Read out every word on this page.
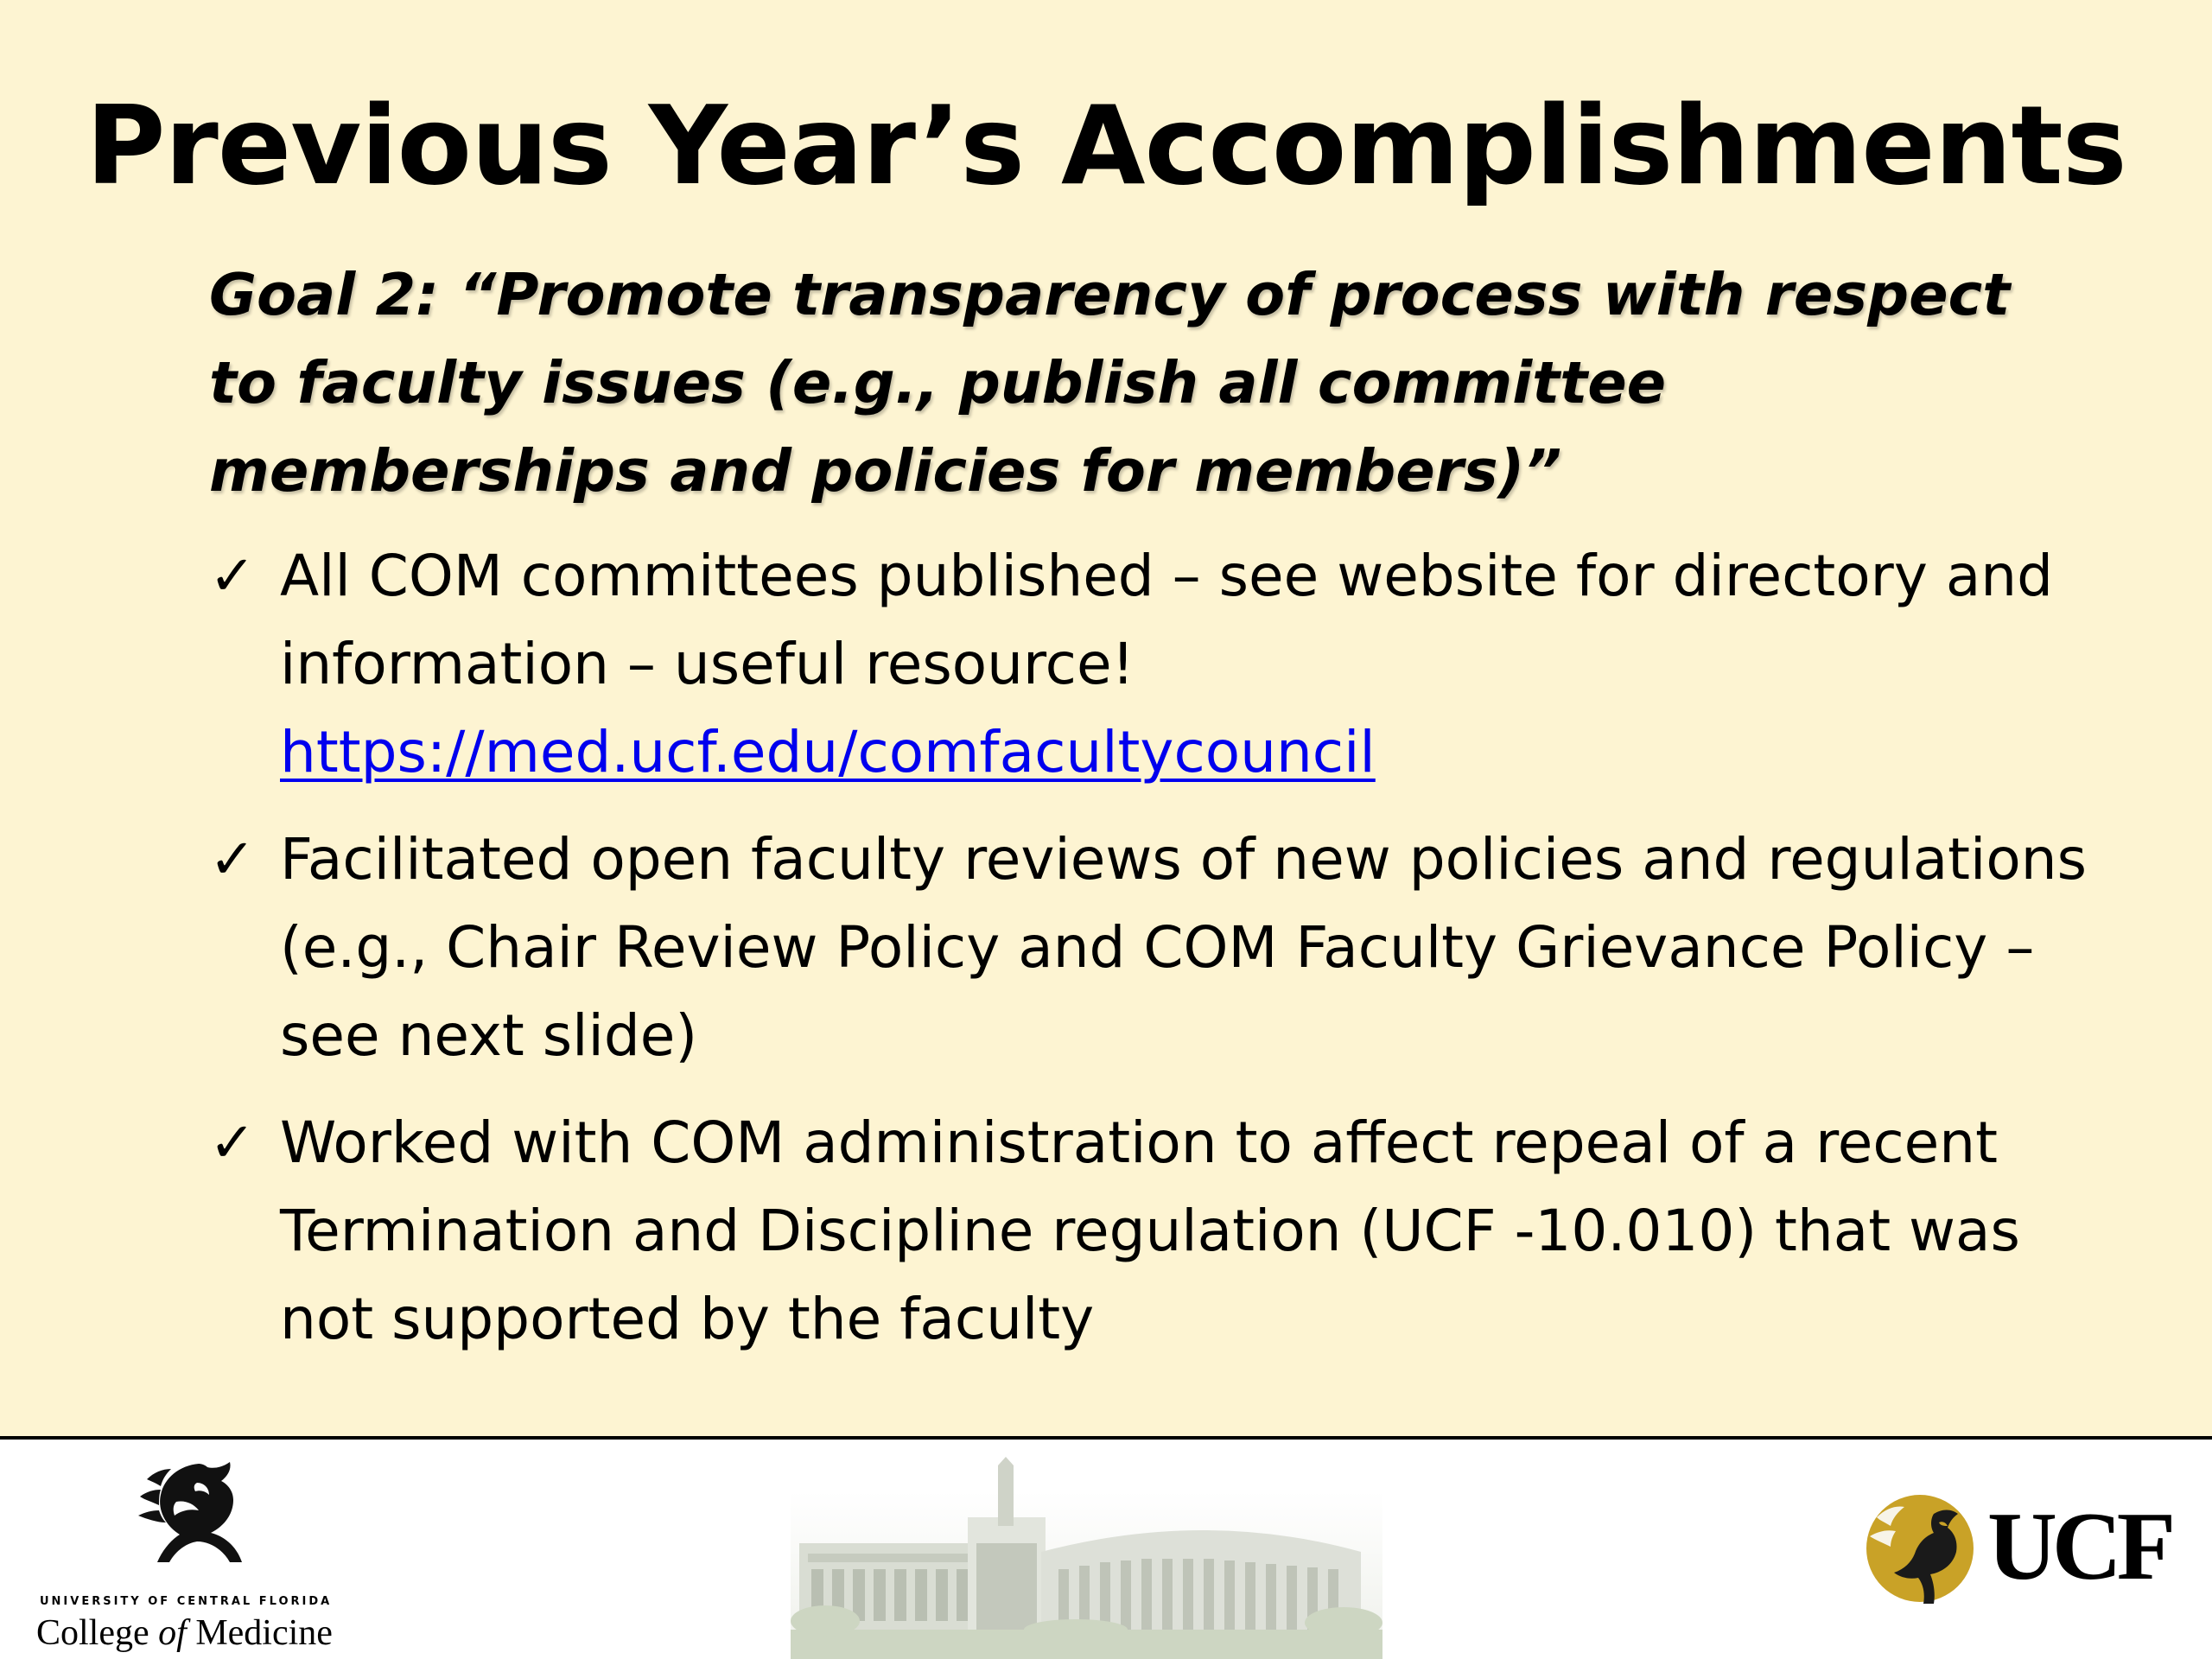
Previous Year’s Accomplishments

Goal 2: “Promote transparency of process with respect to faculty issues (e.g., publish all committee memberships and policies for members)”

✓ All COM committees published – see website for directory and information – useful resource!
https://med.ucf.edu/comfacultycouncil
✓ Facilitated open faculty reviews of new policies and regulations (e.g., Chair Review Policy and COM Faculty Grievance Policy – see next slide)
✓ Worked with COM administration to affect repeal of a recent Termination and Discipline regulation (UCF -10.010) that was not supported by the faculty
UNIVERSITY OF CENTRAL FLORIDA
College of Medicine
UCF
